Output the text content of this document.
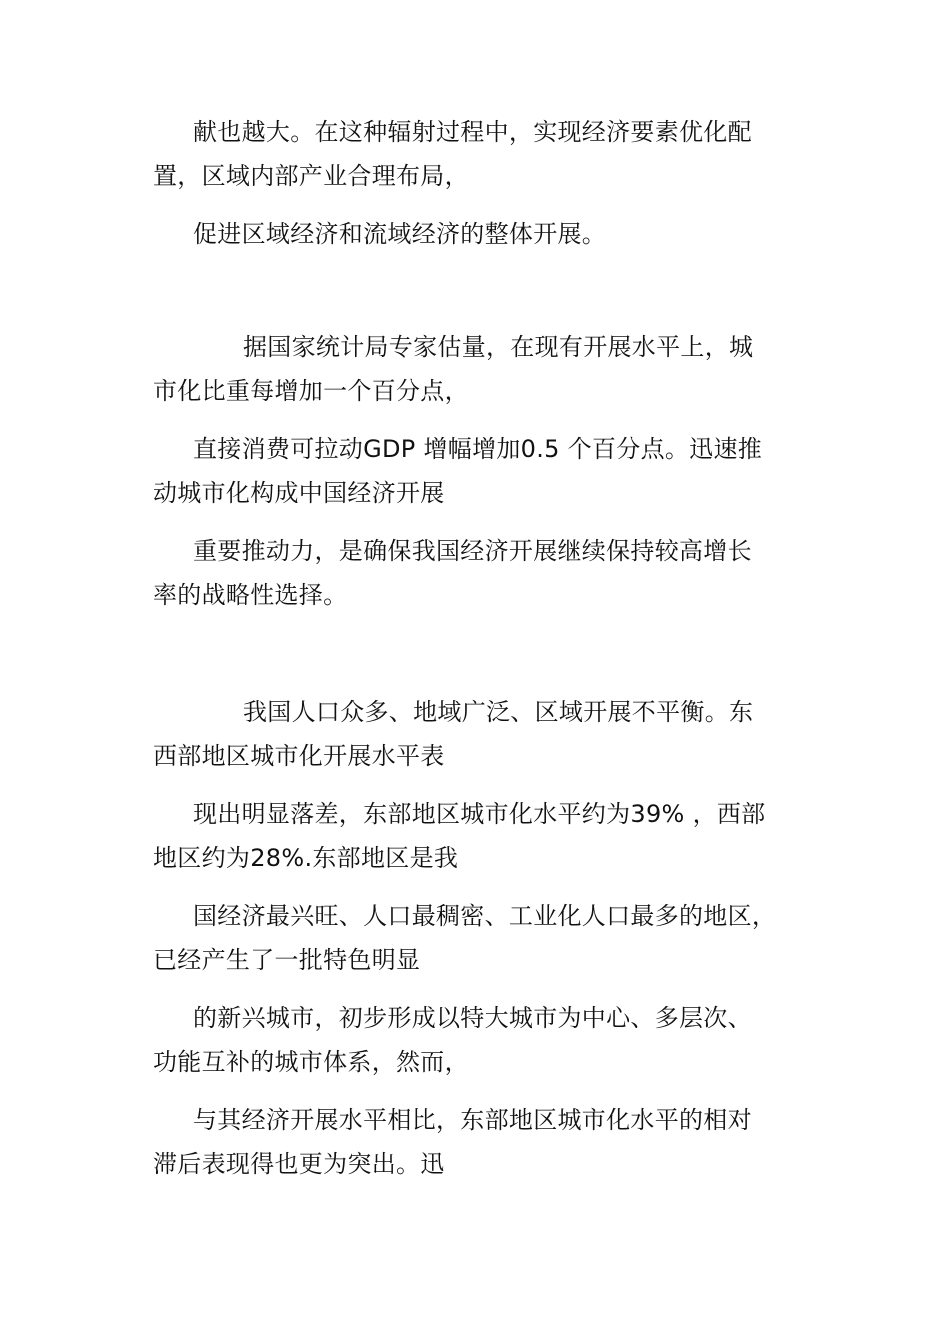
献也越大。在这种辐射过程中，实现经济要素优化配
置，区域内部产业合理布局，

促进区域经济和流域经济的整体开展。

据国家统计局专家估量，在现有开展水平上，城
市化比重每增加一个百分点，

直接消费可拉动GDP 增幅增加0.5 个百分点。迅速推
动城市化构成中国经济开展

重要推动力，是确保我国经济开展继续保持较高增长
率的战略性选择。

我国人口众多、地域广泛、区域开展不平衡。东
西部地区城市化开展水平表

现出明显落差，东部地区城市化水平约为39% ，西部
地区约为28%.东部地区是我

国经济最兴旺、人口最稠密、工业化人口最多的地区，
已经产生了一批特色明显

的新兴城市，初步形成以特大城市为中心、多层次、
功能互补的城市体系，然而，

与其经济开展水平相比，东部地区城市化水平的相对
滞后表现得也更为突出。迅
